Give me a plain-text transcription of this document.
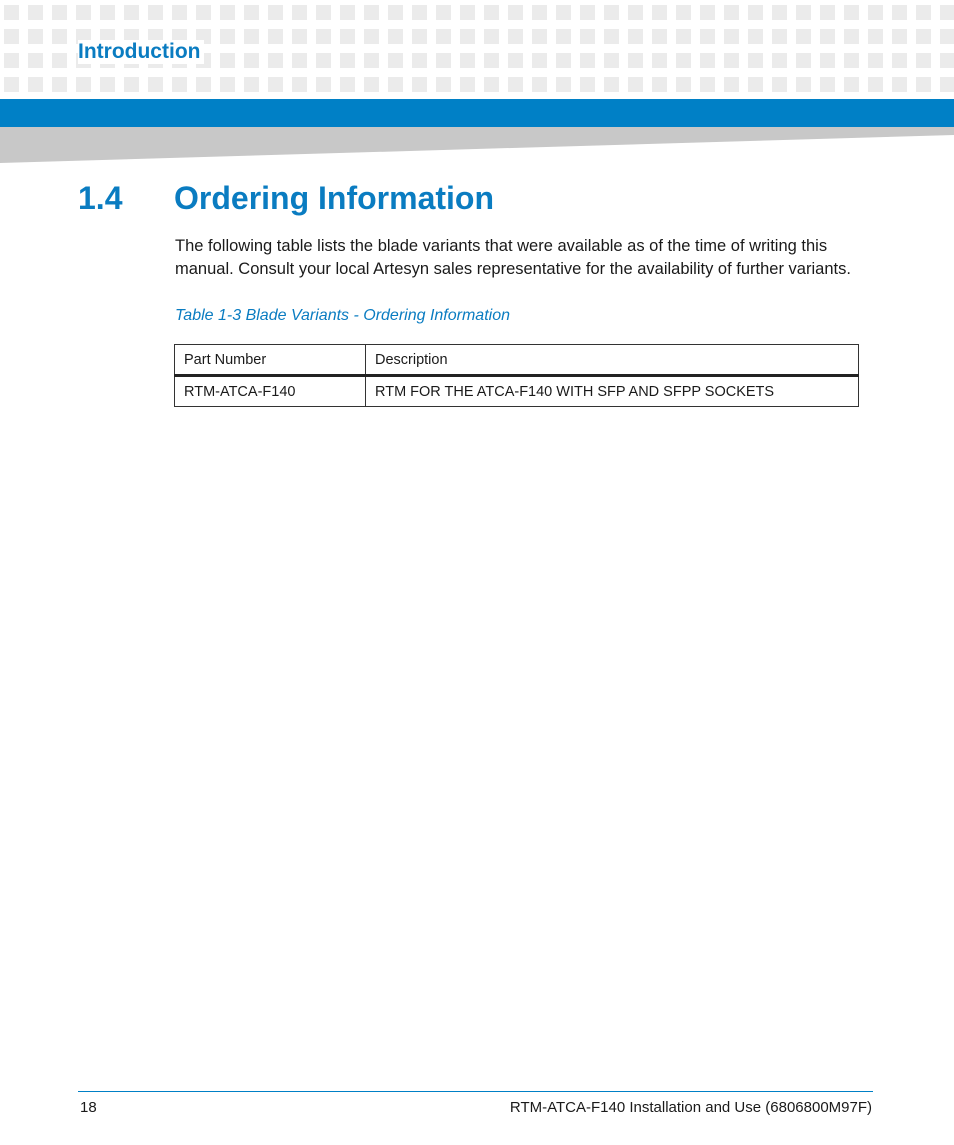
Introduction
1.4 Ordering Information

The following table lists the blade variants that were available as of the time of writing this manual. Consult your local Artesyn sales representative for the availability of further variants.

Table 1-3 Blade Variants - Ordering Information
Part Number	Description
RTM-ATCA-F140	RTM FOR THE ATCA-F140 WITH SFP AND SFPP SOCKETS
18	RTM-ATCA-F140 Installation and Use (6806800M97F)
